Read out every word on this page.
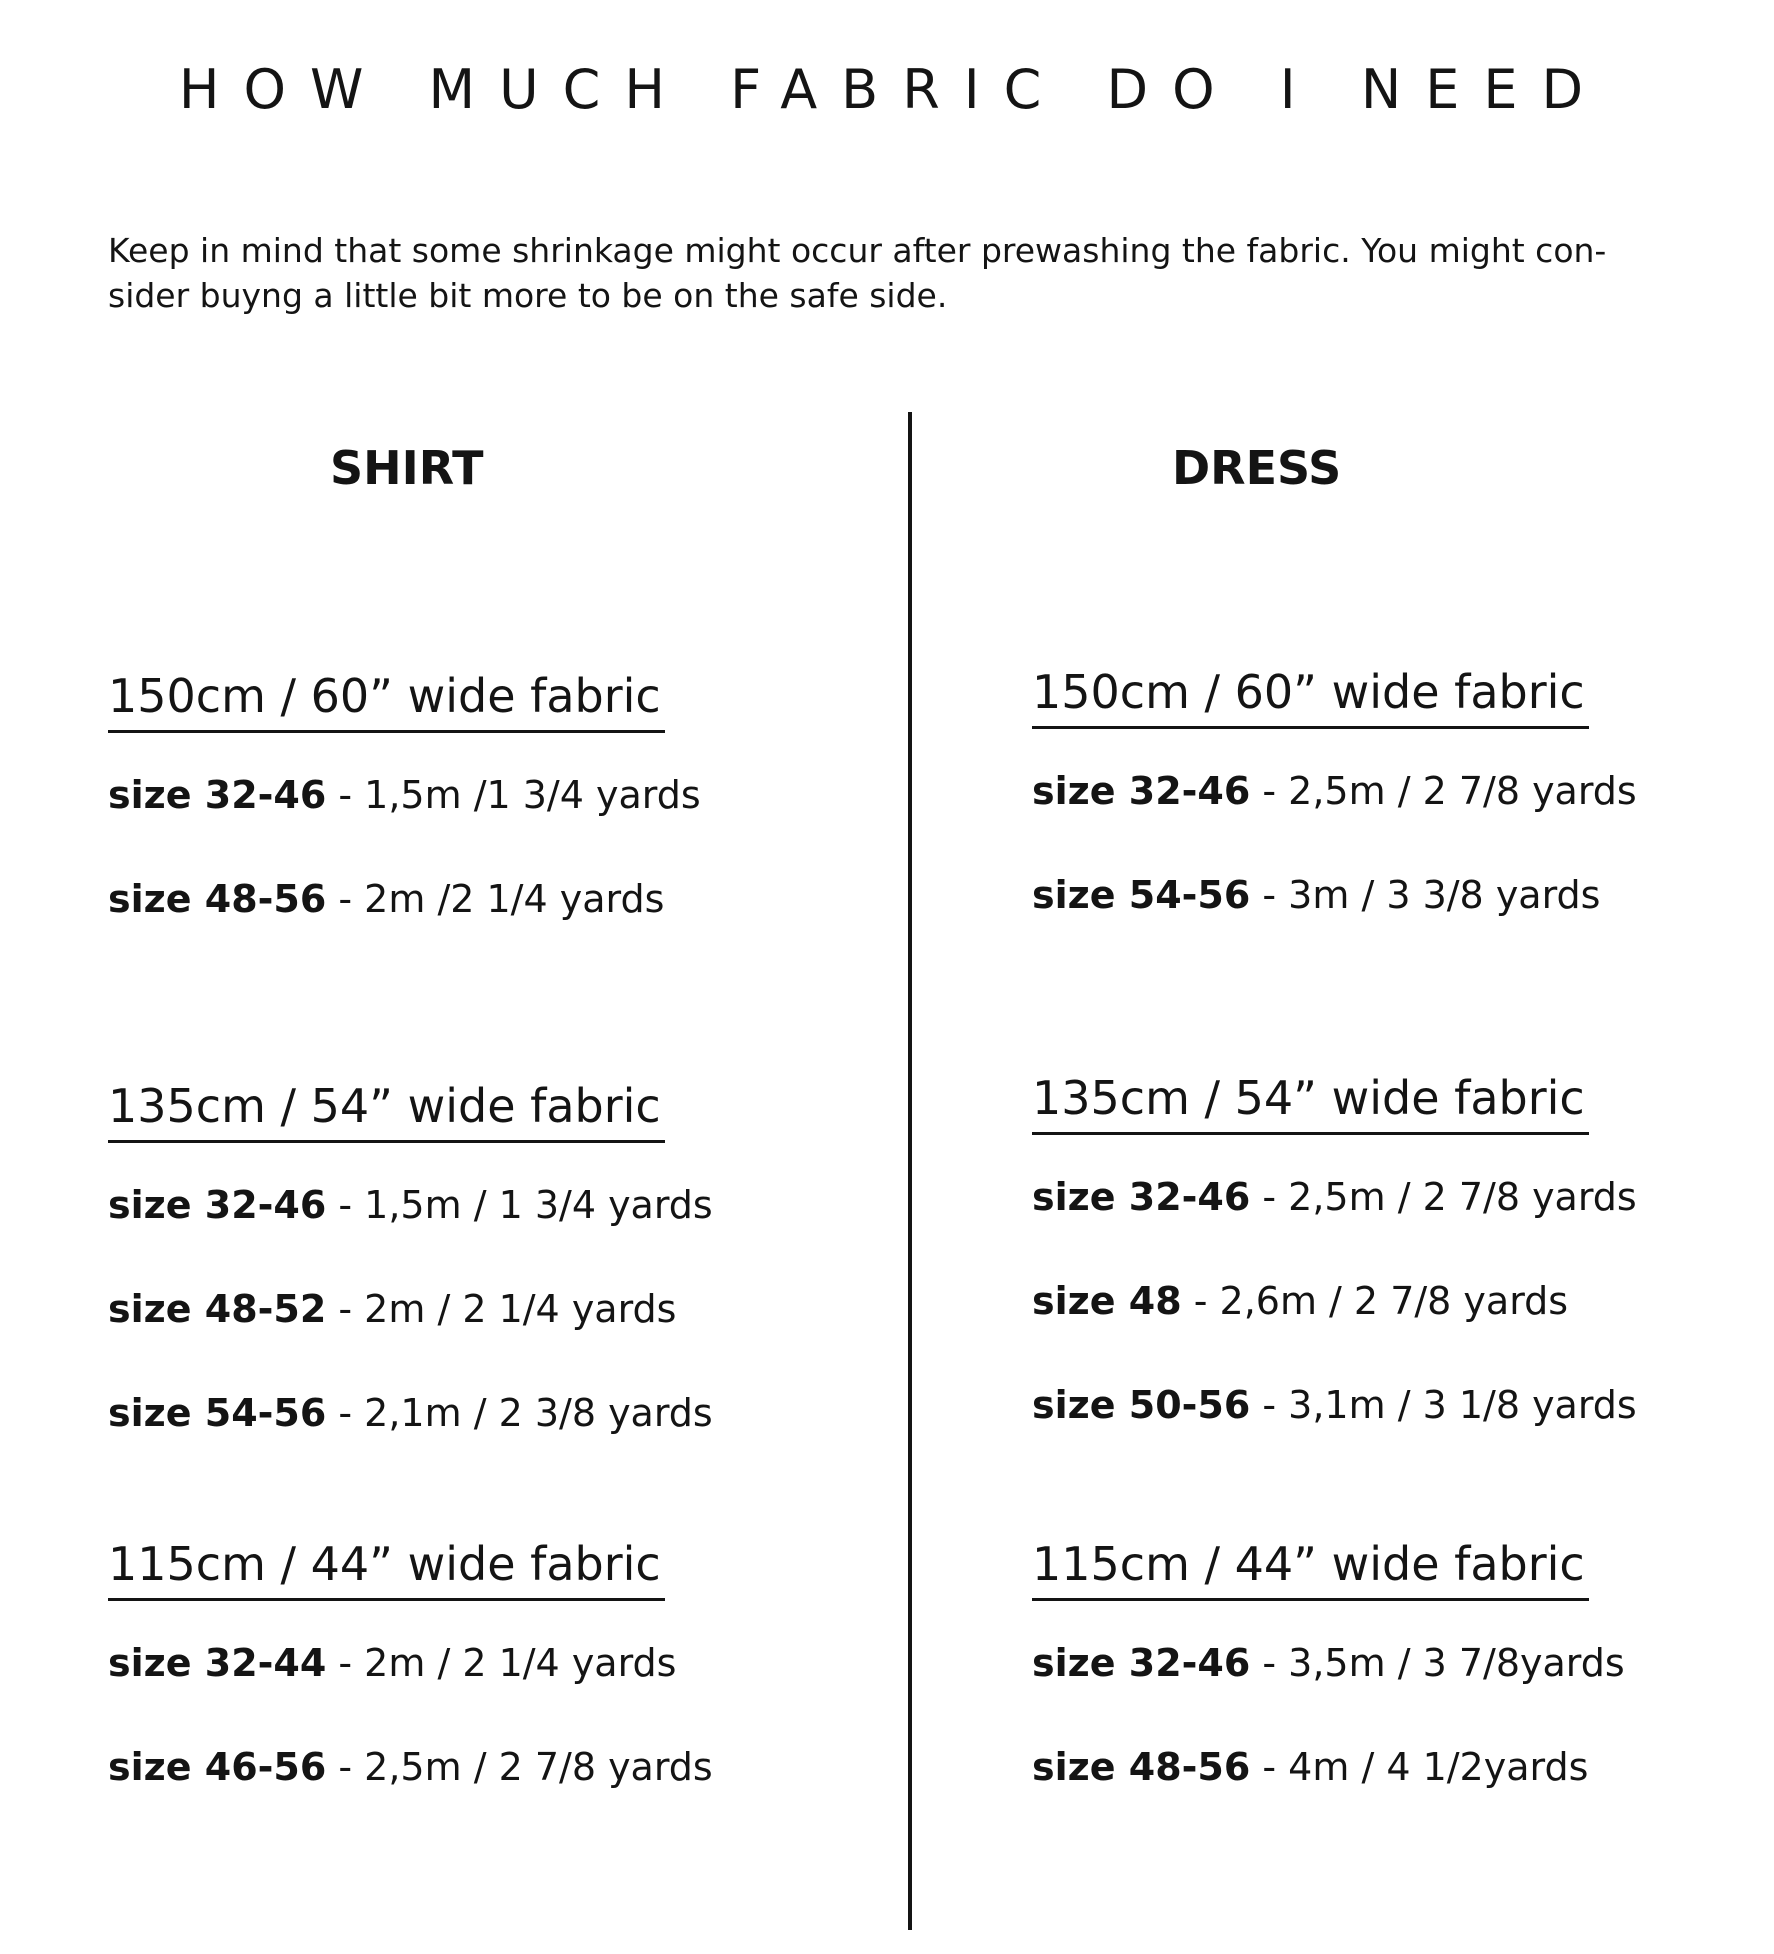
HOW MUCH FABRIC DO I NEED

Keep in mind that some shrinkage might occur after prewashing the fabric. You might con-sider buyng a little bit more to be on the safe side.

SHIRT	DRESS
150cm / 60” wide fabric
size 32-46 - 1,5m /1 3/4 yards
size 48-56 - 2m /2 1/4 yards
135cm / 54” wide fabric
size 32-46 - 1,5m / 1 3/4 yards
size 48-52 - 2m / 2 1/4 yards
size 54-56 - 2,1m / 2 3/8 yards
115cm / 44” wide fabric
size 32-44 - 2m / 2 1/4 yards
size 46-56 - 2,5m / 2 7/8 yards
150cm / 60” wide fabric
size 32-46 - 2,5m / 2 7/8 yards
size 54-56 - 3m / 3 3/8 yards
135cm / 54” wide fabric
size 32-46 - 2,5m / 2 7/8 yards
size 48 - 2,6m / 2 7/8 yards
size 50-56 - 3,1m / 3 1/8 yards
115cm / 44” wide fabric
size 32-46 - 3,5m / 3 7/8yards
size 48-56 - 4m / 4 1/2yards
